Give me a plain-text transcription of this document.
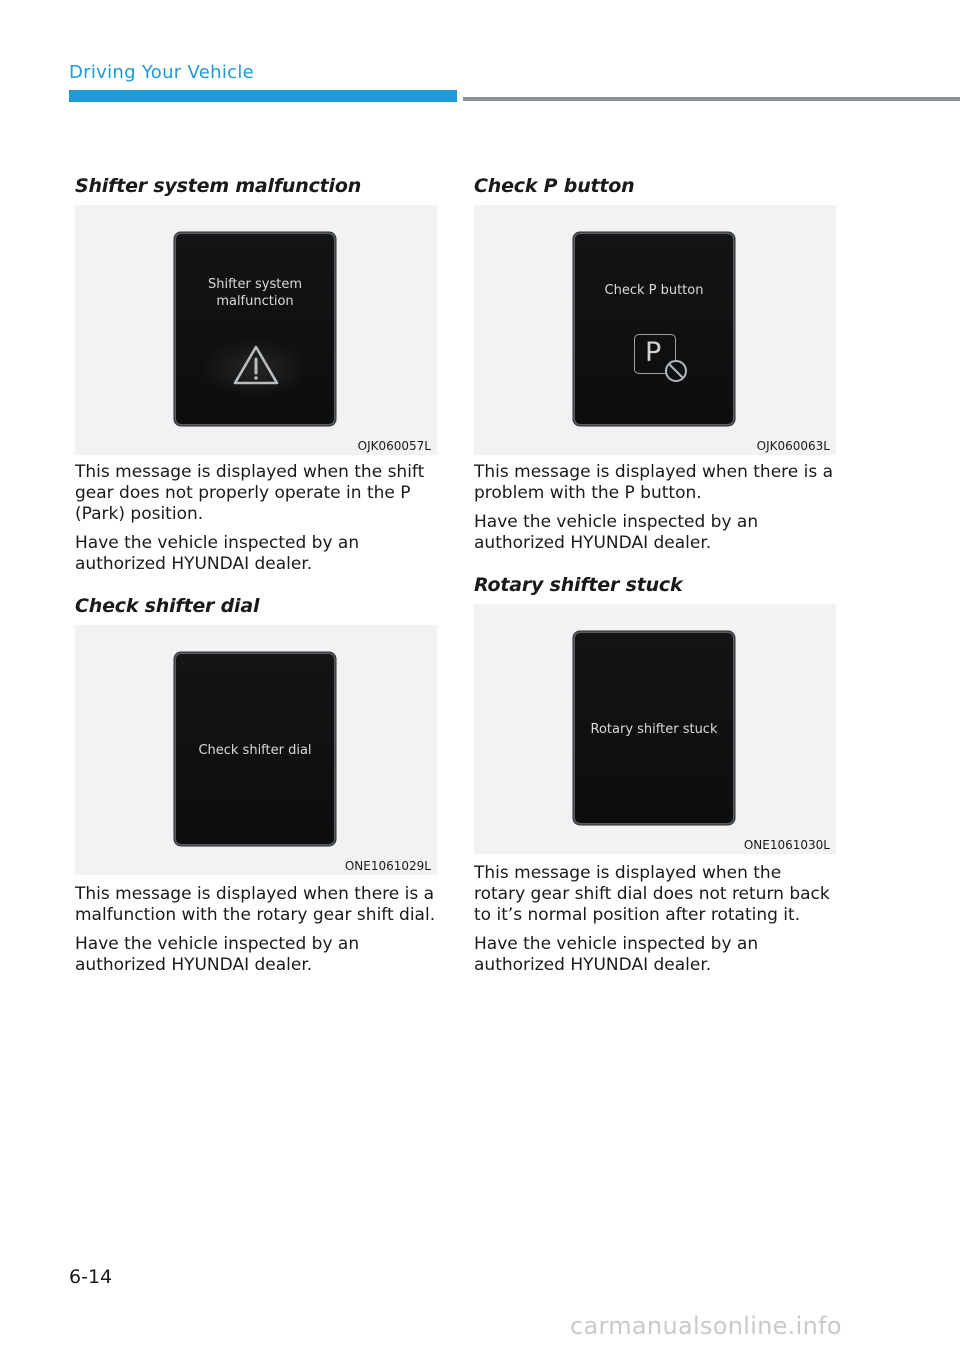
Driving Your Vehicle
Shifter system malfunction
Shifter system
malfunction
OJK060057L

This message is displayed when the shift gear does not properly operate in the P (Park) position.

Have the vehicle inspected by an authorized HYUNDAI dealer.

Check shifter dial
Check shifter dial
ONE1061029L

This message is displayed when there is a malfunction with the rotary gear shift dial.

Have the vehicle inspected by an authorized HYUNDAI dealer.

Check P button
Check P button
P
OJK060063L

This message is displayed when there is a problem with the P button.

Have the vehicle inspected by an authorized HYUNDAI dealer.

Rotary shifter stuck
Rotary shifter stuck
ONE1061030L

This message is displayed when the rotary gear shift dial does not return back to it’s normal position after rotating it.

Have the vehicle inspected by an authorized HYUNDAI dealer.

6-14
carmanualsonline.info
